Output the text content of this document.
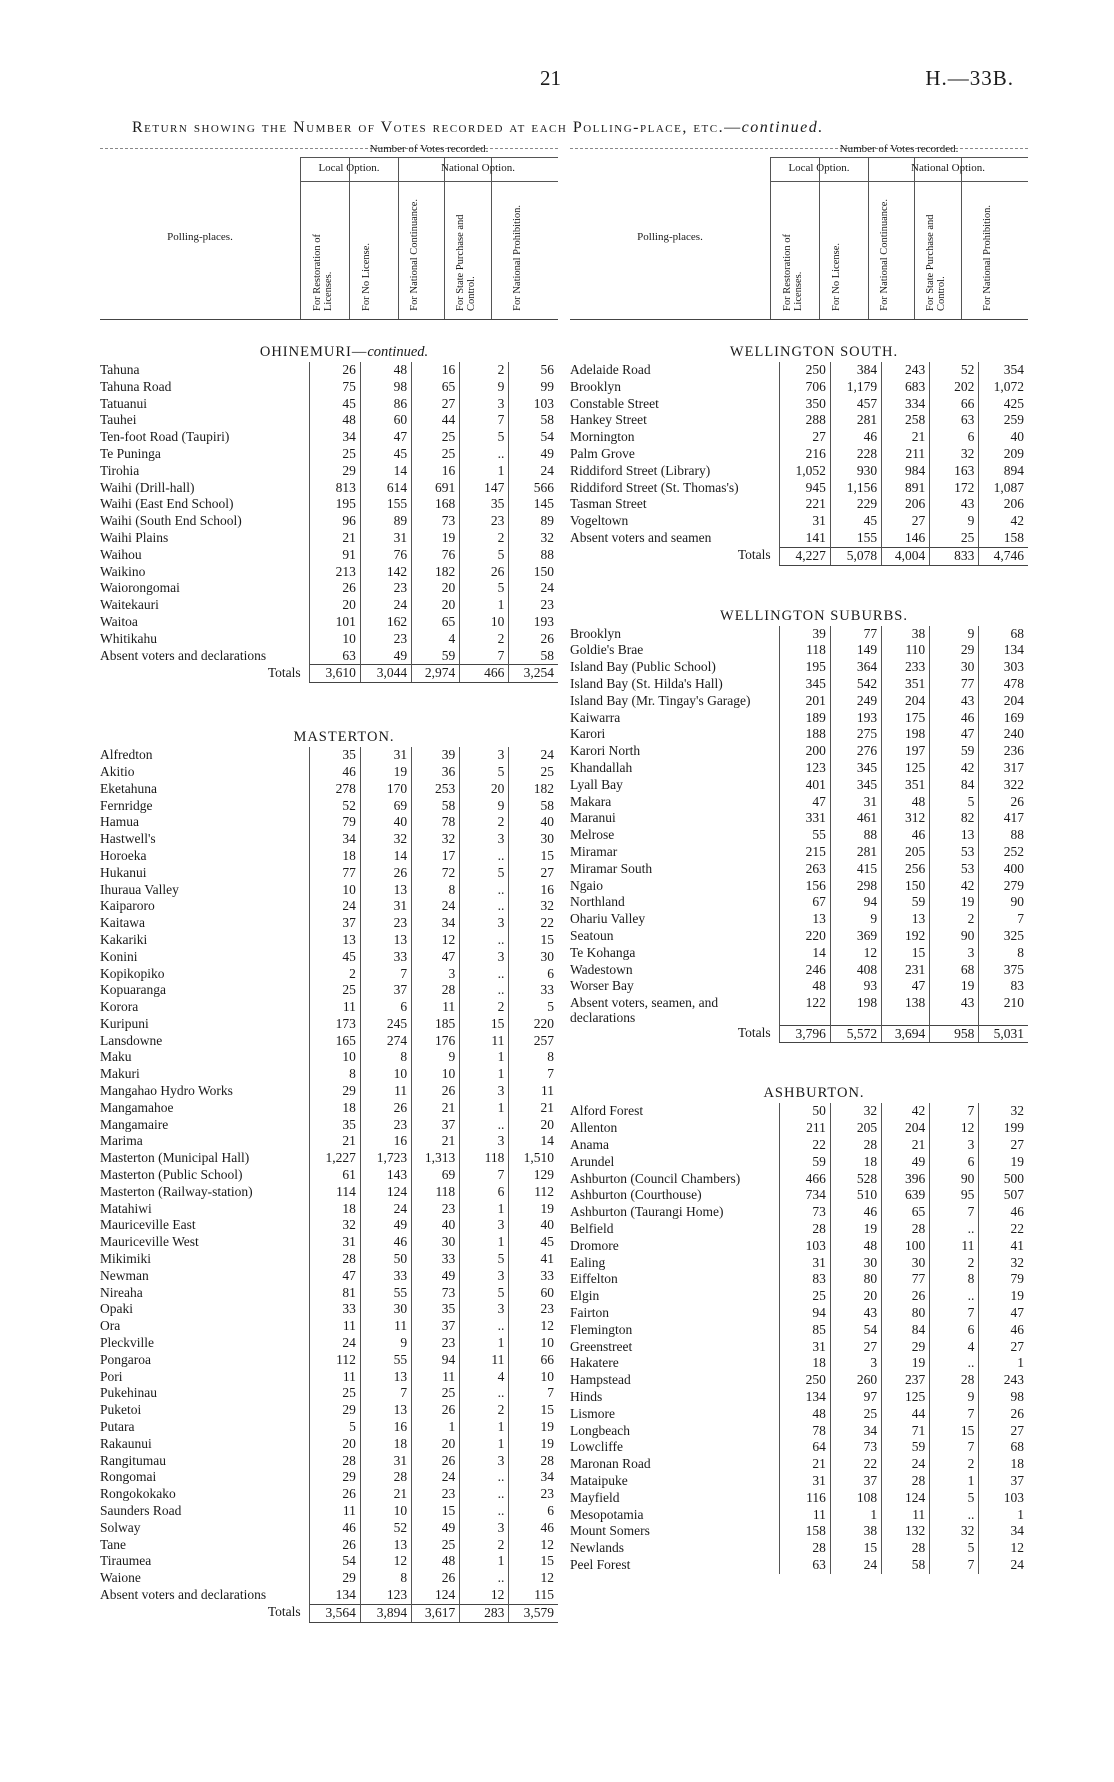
21	H.—33B.
Return showing the Number of Votes recorded at each Polling-place, etc.—continued.
Number of Votes recorded.
Local Option.	National Option.
Polling-places.	For Restoration of Licenses.	For No License.	For National Continuance.	For State Purchase and Control.	For National Prohibition.
OHINEMURI—continued.
Tahuna	26	48	16	2	56
Tahuna Road	75	98	65	9	99
Tatuanui	45	86	27	3	103
Tauhei	48	60	44	7	58
Ten-foot Road (Taupiri)	34	47	25	5	54
Te Puninga	25	45	25	..	49
Tirohia	29	14	16	1	24
Waihi (Drill-hall)	813	614	691	147	566
Waihi (East End School)	195	155	168	35	145
Waihi (South End School)	96	89	73	23	89
Waihi Plains	21	31	19	2	32
Waihou	91	76	76	5	88
Waikino	213	142	182	26	150
Waiorongomai	26	23	20	5	24
Waitekauri	20	24	20	1	23
Waitoa	101	162	65	10	193
Whitikahu	10	23	4	2	26
Absent voters and declarations	63	49	59	7	58
Totals	3,610	3,044	2,974	466	3,254
MASTERTON.
Alfredton	35	31	39	3	24
Akitio	46	19	36	5	25
Eketahuna	278	170	253	20	182
Fernridge	52	69	58	9	58
Hamua	79	40	78	2	40
Hastwell's	34	32	32	3	30
Horoeka	18	14	17	..	15
Hukanui	77	26	72	5	27
Ihuraua Valley	10	13	8	..	16
Kaiparoro	24	31	24	..	32
Kaitawa	37	23	34	3	22
Kakariki	13	13	12	..	15
Konini	45	33	47	3	30
Kopikopiko	2	7	3	..	6
Kopuaranga	25	37	28	..	33
Korora	11	6	11	2	5
Kuripuni	173	245	185	15	220
Lansdowne	165	274	176	11	257
Maku	10	8	9	1	8
Makuri	8	10	10	1	7
Mangahao Hydro Works	29	11	26	3	11
Mangamahoe	18	26	21	1	21
Mangamaire	35	23	37	..	20
Marima	21	16	21	3	14
Masterton (Municipal Hall)	1,227	1,723	1,313	118	1,510
Masterton (Public School)	61	143	69	7	129
Masterton (Railway-station)	114	124	118	6	112
Matahiwi	18	24	23	1	19
Mauriceville East	32	49	40	3	40
Mauriceville West	31	46	30	1	45
Mikimiki	28	50	33	5	41
Newman	47	33	49	3	33
Nireaha	81	55	73	5	60
Opaki	33	30	35	3	23
Ora	11	11	37	..	12
Pleckville	24	9	23	1	10
Pongaroa	112	55	94	11	66
Pori	11	13	11	4	10
Pukehinau	25	7	25	..	7
Puketoi	29	13	26	2	15
Putara	5	16	1	1	19
Rakaunui	20	18	20	1	19
Rangitumau	28	31	26	3	28
Rongomai	29	28	24	..	34
Rongokokako	26	21	23	..	23
Saunders Road	11	10	15	..	6
Solway	46	52	49	3	46
Tane	26	13	25	2	12
Tiraumea	54	12	48	1	15
Waione	29	8	26	..	12
Absent voters and declarations	134	123	124	12	115
Totals	3,564	3,894	3,617	283	3,579
Number of Votes recorded.
Local Option.	National Option.
Polling-places.	For Restoration of Licenses.	For No License.	For National Continuance.	For State Purchase and Control.	For National Prohibition.
WELLINGTON SOUTH.
Adelaide Road	250	384	243	52	354
Brooklyn	706	1,179	683	202	1,072
Constable Street	350	457	334	66	425
Hankey Street	288	281	258	63	259
Mornington	27	46	21	6	40
Palm Grove	216	228	211	32	209
Riddiford Street (Library)	1,052	930	984	163	894
Riddiford Street (St. Thomas's)	945	1,156	891	172	1,087
Tasman Street	221	229	206	43	206
Vogeltown	31	45	27	9	42
Absent voters and seamen	141	155	146	25	158
Totals	4,227	5,078	4,004	833	4,746
WELLINGTON SUBURBS.
Brooklyn	39	77	38	9	68
Goldie's Brae	118	149	110	29	134
Island Bay (Public School)	195	364	233	30	303
Island Bay (St. Hilda's Hall)	345	542	351	77	478
Island Bay (Mr. Tingay's Garage)	201	249	204	43	204
Kaiwarra	189	193	175	46	169
Karori	188	275	198	47	240
Karori North	200	276	197	59	236
Khandallah	123	345	125	42	317
Lyall Bay	401	345	351	84	322
Makara	47	31	48	5	26
Maranui	331	461	312	82	417
Melrose	55	88	46	13	88
Miramar	215	281	205	53	252
Miramar South	263	415	256	53	400
Ngaio	156	298	150	42	279
Northland	67	94	59	19	90
Ohariu Valley	13	9	13	2	7
Seatoun	220	369	192	90	325
Te Kohanga	14	12	15	3	8
Wadestown	246	408	231	68	375
Worser Bay	48	93	47	19	83
Absent voters, seamen, and declarations	122	198	138	43	210
Totals	3,796	5,572	3,694	958	5,031
ASHBURTON.
Alford Forest	50	32	42	7	32
Allenton	211	205	204	12	199
Anama	22	28	21	3	27
Arundel	59	18	49	6	19
Ashburton (Council Chambers)	466	528	396	90	500
Ashburton (Courthouse)	734	510	639	95	507
Ashburton (Taurangi Home)	73	46	65	7	46
Belfield	28	19	28	..	22
Dromore	103	48	100	11	41
Ealing	31	30	30	2	32
Eiffelton	83	80	77	8	79
Elgin	25	20	26	..	19
Fairton	94	43	80	7	47
Flemington	85	54	84	6	46
Greenstreet	31	27	29	4	27
Hakatere	18	3	19	..	1
Hampstead	250	260	237	28	243
Hinds	134	97	125	9	98
Lismore	48	25	44	7	26
Longbeach	78	34	71	15	27
Lowcliffe	64	73	59	7	68
Maronan Road	21	22	24	2	18
Mataipuke	31	37	28	1	37
Mayfield	116	108	124	5	103
Mesopotamia	11	1	11	..	1
Mount Somers	158	38	132	32	34
Newlands	28	15	28	5	12
Peel Forest	63	24	58	7	24
